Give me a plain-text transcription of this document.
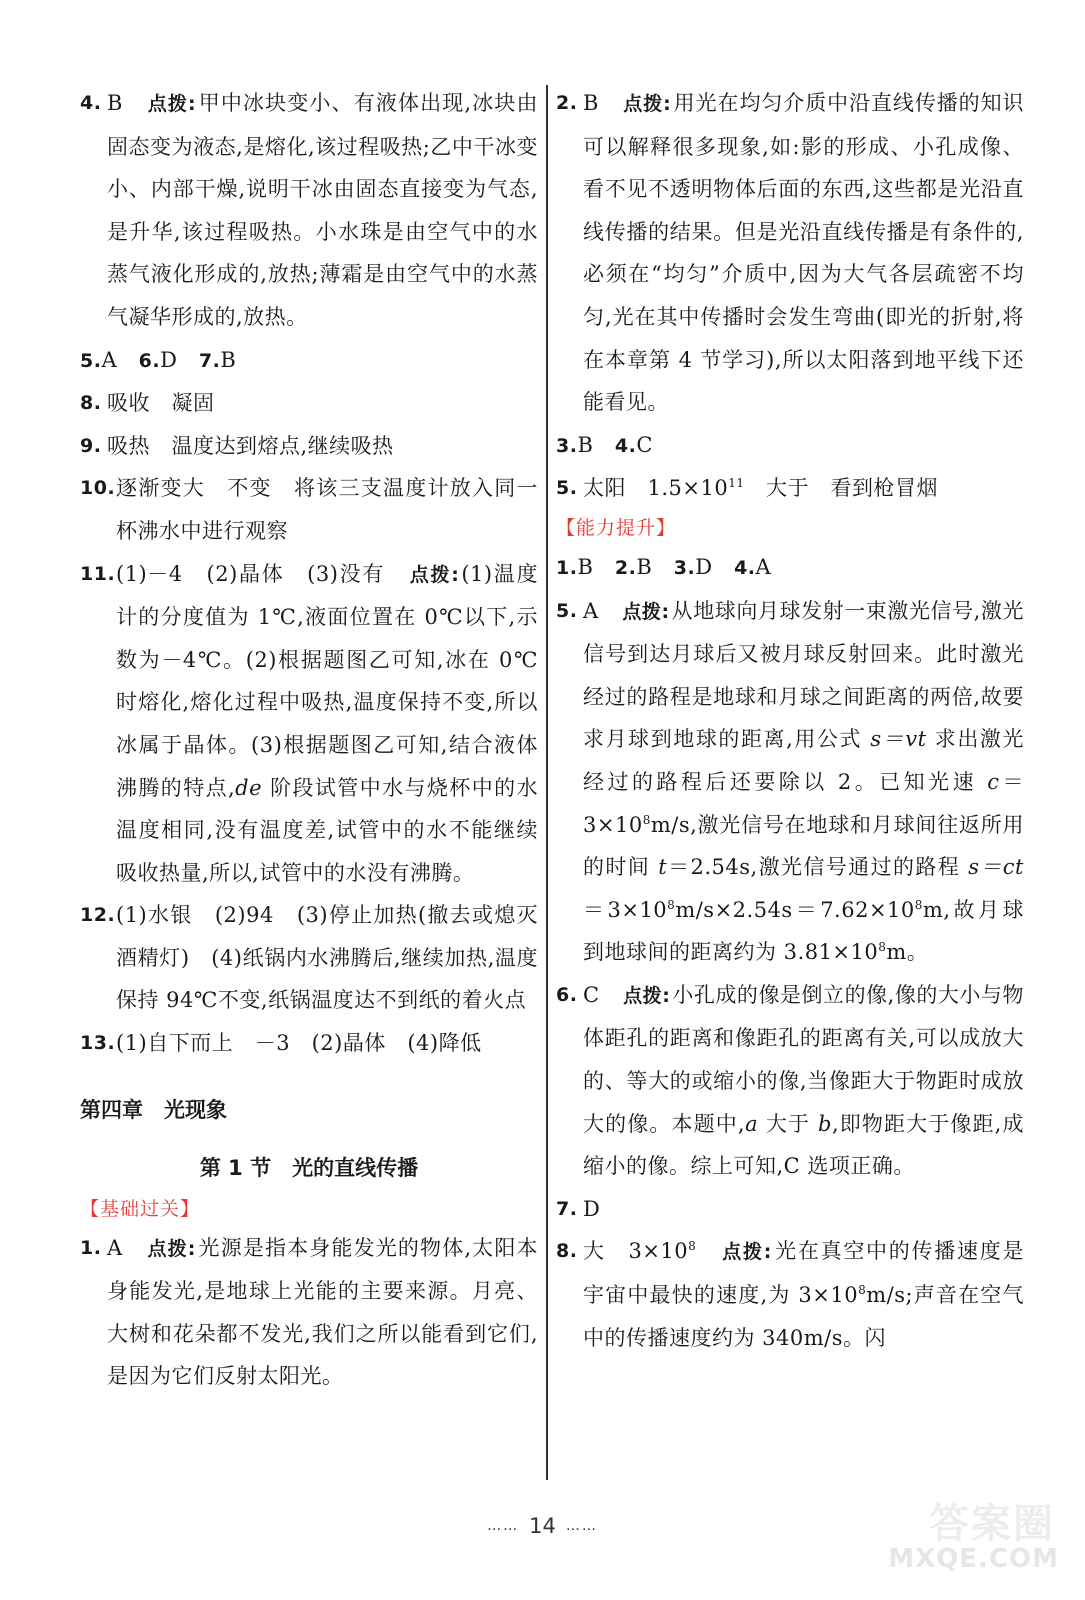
4. B　 点拨:甲中冰块变小、有液体出现,冰块由固态变为液态,是熔化,该过程吸热;乙中干冰变小、内部干燥,说明干冰由固态直接变为气态,是升华,该过程吸热。小水珠是由空气中的水蒸气液化形成的,放热;薄霜是由空气中的水蒸气凝华形成的,放热。
5.A　 6.D　 7.B
8. 吸收　凝固
9. 吸热　温度达到熔点,继续吸热
10. 逐渐变大　不变　将该三支温度计放入同一杯沸水中进行观察
11. (1)－4　(2)晶体　(3)没有　 点拨:(1)温度计的分度值为 1℃,液面位置在 0℃以下,示数为－4℃。(2)根据题图乙可知,冰在 0℃时熔化,熔化过程中吸热,温度保持不变,所以冰属于晶体。(3)根据题图乙可知,结合液体沸腾的特点,de 阶段试管中水与烧杯中的水温度相同,没有温度差,试管中的水不能继续吸收热量,所以,试管中的水没有沸腾。
12. (1)水银　(2)94　(3)停止加热(撤去或熄灭酒精灯)　(4)纸锅内水沸腾后,继续加热,温度保持 94℃不变,纸锅温度达不到纸的着火点
13. (1)自下而上　－3　(2)晶体　(4)降低
第四章　光现象
第 1 节　光的直线传播
【基础过关】
1. A　 点拨:光源是指本身能发光的物体,太阳本身能发光,是地球上光能的主要来源。月亮、大树和花朵都不发光,我们之所以能看到它们,是因为它们反射太阳光。
2. B　 点拨:用光在均匀介质中沿直线传播的知识可以解释很多现象,如:影的形成、小孔成像、看不见不透明物体后面的东西,这些都是光沿直线传播的结果。但是光沿直线传播是有条件的,必须在“均匀”介质中,因为大气各层疏密不均匀,光在其中传播时会发生弯曲(即光的折射,将在本章第 4 节学习),所以太阳落到地平线下还能看见。
3.B　 4.C
5. 太阳　$1.5\times 10^{11}$　大于　看到枪冒烟
【能力提升】
1.B　 2.B　 3.D　 4.A
5. A　 点拨:从地球向月球发射一束激光信号,激光信号到达月球后又被月球反射回来。此时激光经过的路程是地球和月球之间距离的两倍,故要求月球到地球的距离,用公式 s＝vt 求出激光经过的路程后还要除以 2。已知光速 $c=3\times 10^8m/s$,激光信号在地球和月球间往返所用的时间 t＝2.54s,激光信号通过的路程 $s=ct=3\times 10^8m/s\times 2.54s=7.62\times 10^8m$,故月球到地球间的距离约为 $3.81\times 10^8m$。
6. C　 点拨:小孔成的像是倒立的像,像的大小与物体距孔的距离和像距孔的距离有关,可以成放大的、等大的或缩小的像,当像距大于物距时成放大的像。本题中,a 大于 b,即物距大于像距,成缩小的像。综上可知,C 选项正确。
7. D
8. 大　$3\times 10^8$　 点拨:光在真空中的传播速度是宇宙中最快的速度,为 $3\times 10^8m/s$;声音在空气中的传播速度约为 340m/s。闪
…… 14 ……	答案圈
MXQE.COM
